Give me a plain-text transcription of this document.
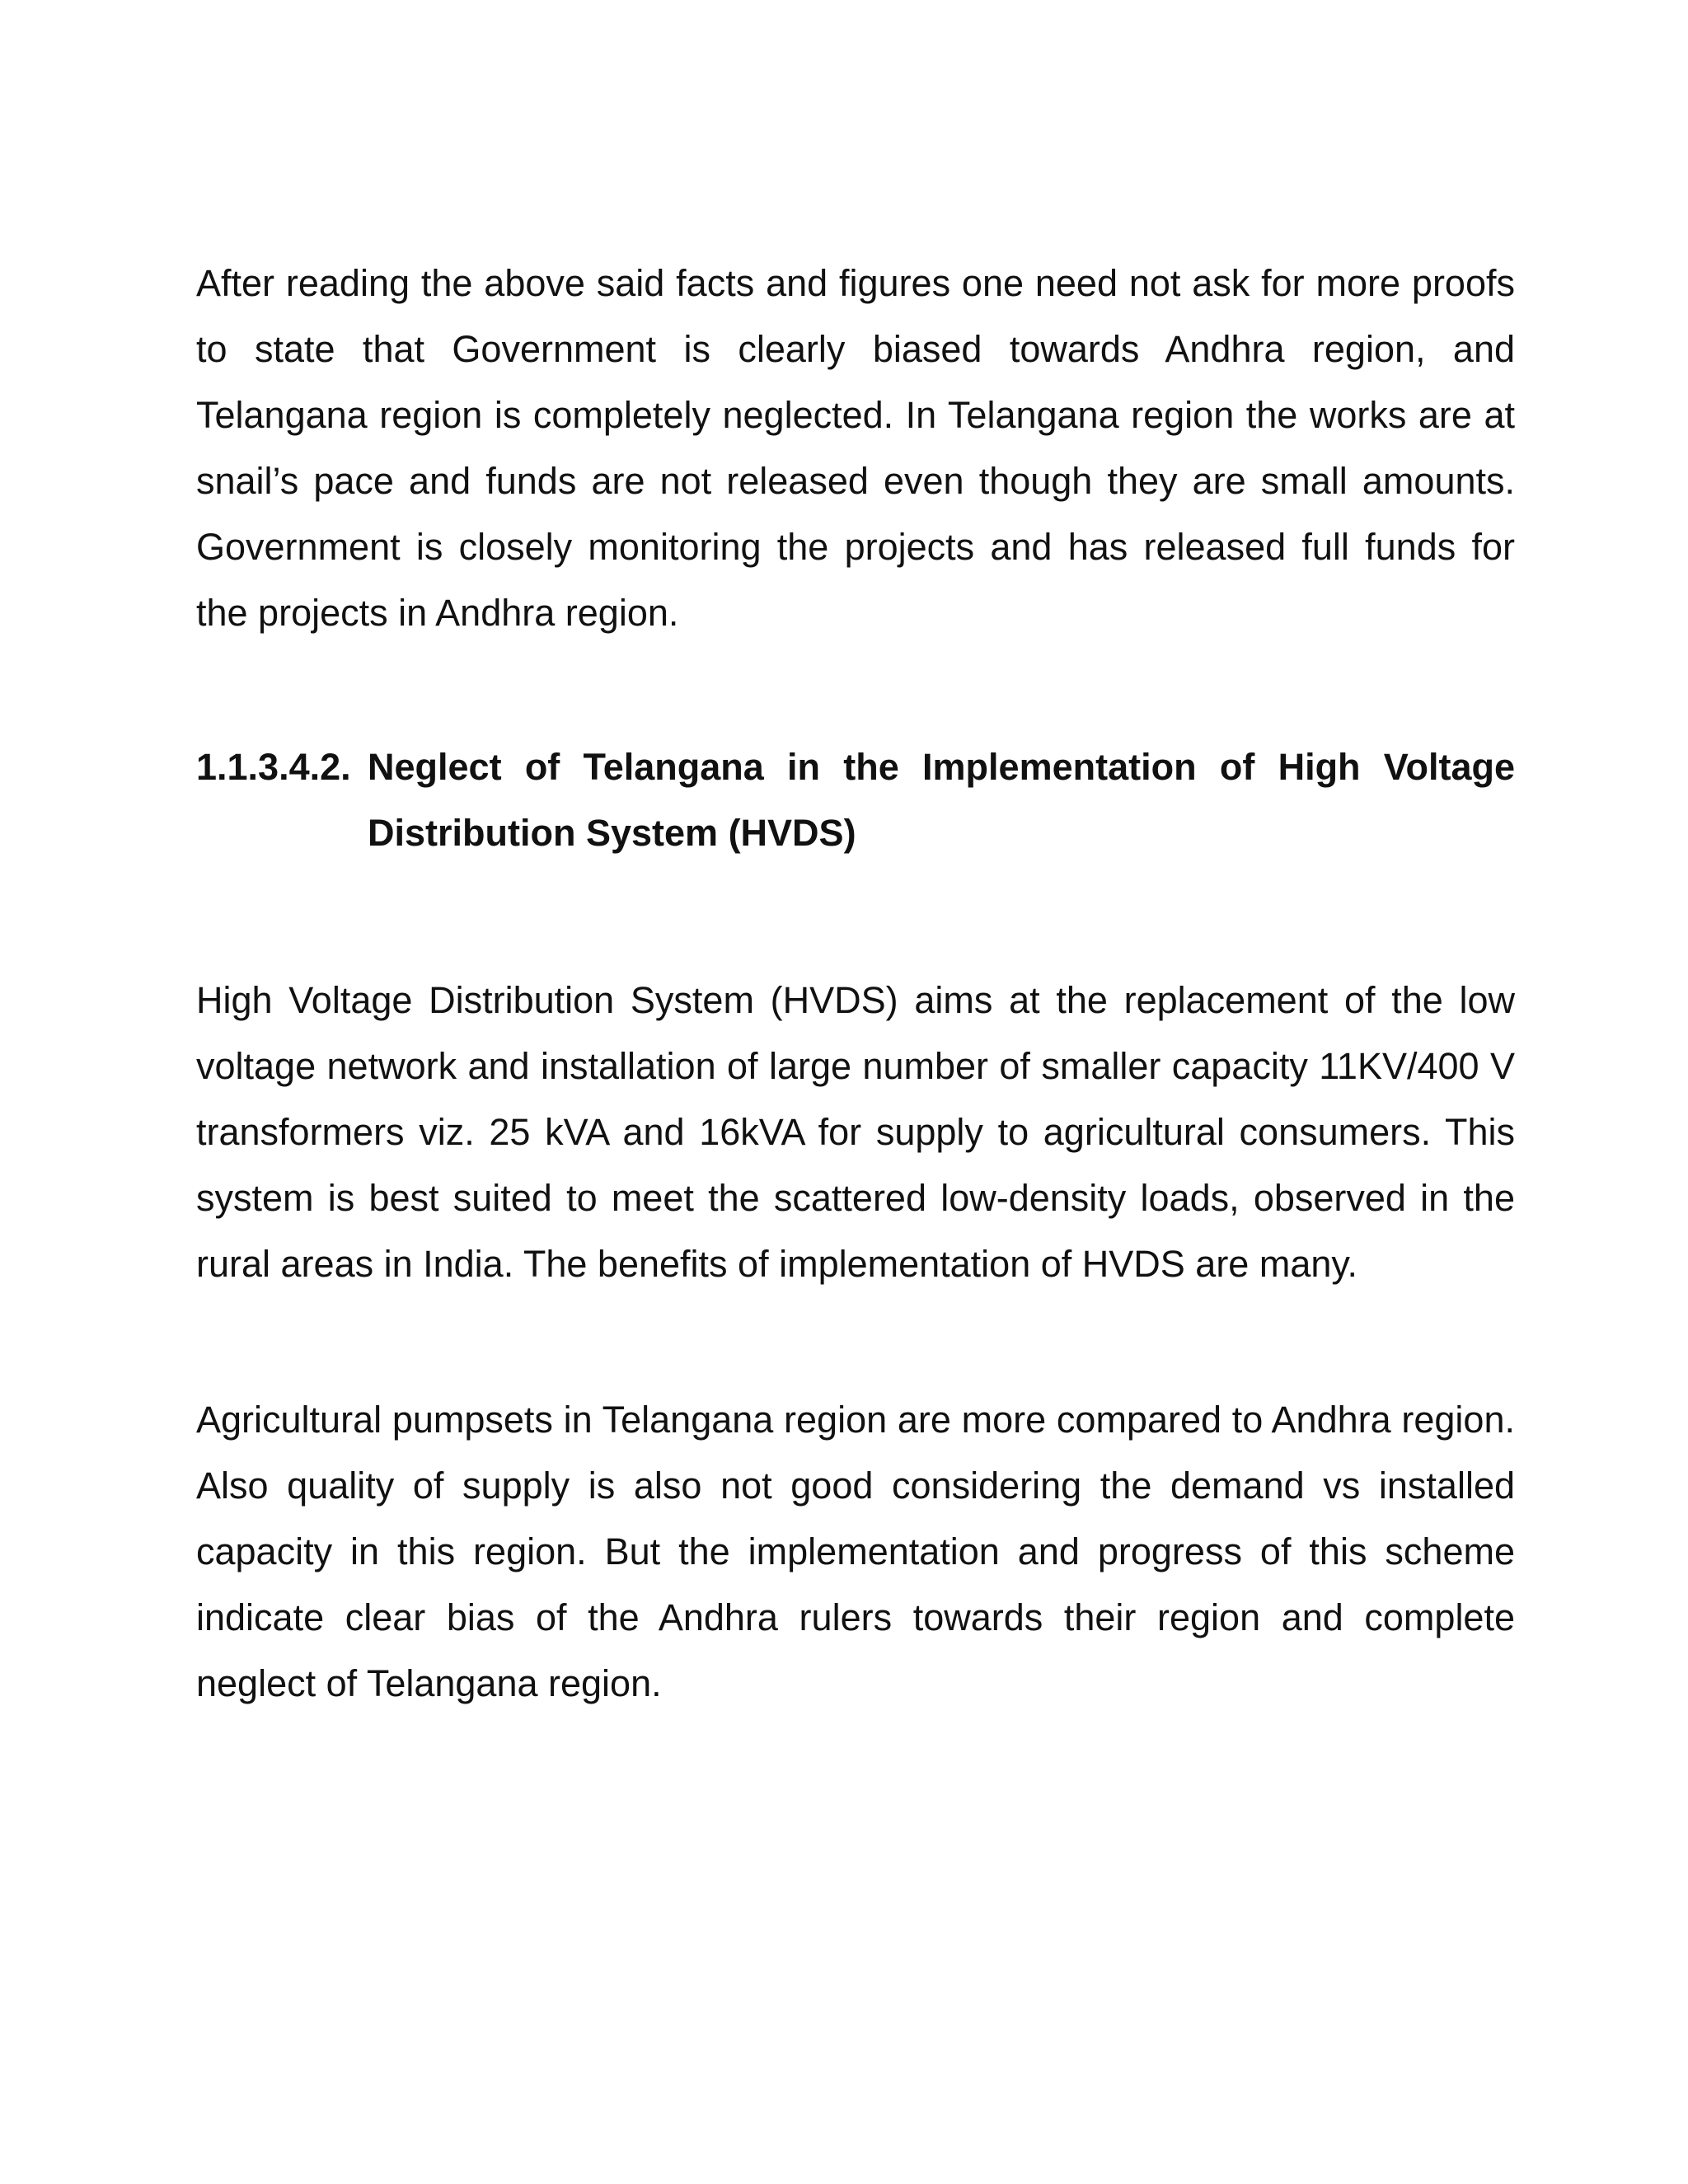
After reading the above said facts and figures one need not ask for more proofs to state that Government is clearly biased towards Andhra region, and Telangana region is completely neglected. In Telangana region the works are at snail’s pace and funds are not released even though they are small amounts. Government is closely monitoring the projects and has released full funds for the projects in Andhra region.

1.1.3.4.2. Neglect of Telangana in the Implementation of High Voltage Distribution System (HVDS)

High Voltage Distribution System (HVDS) aims at the replacement of the low voltage network and installation of large number of smaller capacity 11KV/400 V transformers viz. 25 kVA and 16kVA for supply to agricultural consumers. This system is best suited to meet the scattered low-density loads, observed in the rural areas in India. The benefits of implementation of HVDS are many.

Agricultural pumpsets in Telangana region are more compared to Andhra region. Also quality of supply is also not good considering the demand vs installed capacity in this region. But the implementation and progress of this scheme indicate clear bias of the Andhra rulers towards their region and complete neglect of Telangana region.
